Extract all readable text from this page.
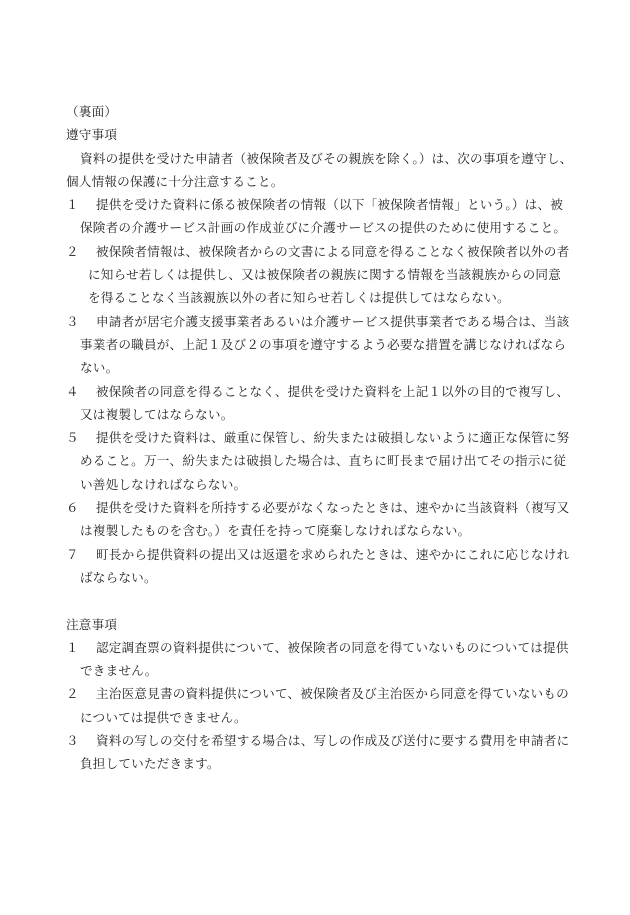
（裏面）
遵守事項
資料の提供を受けた申請者（被保険者及びその親族を除く。）は、次の事項を遵守し、
個人情報の保護に十分注意すること。
１	提供を受けた資料に係る被保険者の情報（以下「被保険者情報」という。）は、被
保険者の介護サービス計画の作成並びに介護サービスの提供のために使用すること。
２	被保険者情報は、被保険者からの文書による同意を得ることなく被保険者以外の者
に知らせ若しくは提供し、又は被保険者の親族に関する情報を当該親族からの同意
を得ることなく当該親族以外の者に知らせ若しくは提供してはならない。
３	申請者が居宅介護支援事業者あるいは介護サービス提供事業者である場合は、当該
事業者の職員が、上記１及び２の事項を遵守するよう必要な措置を講じなければなら
ない。
４	被保険者の同意を得ることなく、提供を受けた資料を上記１以外の目的で複写し、
又は複製してはならない。
５	提供を受けた資料は、厳重に保管し、紛失または破損しないように適正な保管に努
めること。万一、紛失または破損した場合は、直ちに町長まで届け出てその指示に従
い善処しなければならない。
６	提供を受けた資料を所持する必要がなくなったときは、速やかに当該資料（複写又
は複製したものを含む。）を責任を持って廃棄しなければならない。
７	町長から提供資料の提出又は返還を求められたときは、速やかにこれに応じなけれ
ばならない。
注意事項
１	認定調査票の資料提供について、被保険者の同意を得ていないものについては提供
できません。
２	主治医意見書の資料提供について、被保険者及び主治医から同意を得ていないもの
については提供できません。
３	資料の写しの交付を希望する場合は、写しの作成及び送付に要する費用を申請者に
負担していただきます。
